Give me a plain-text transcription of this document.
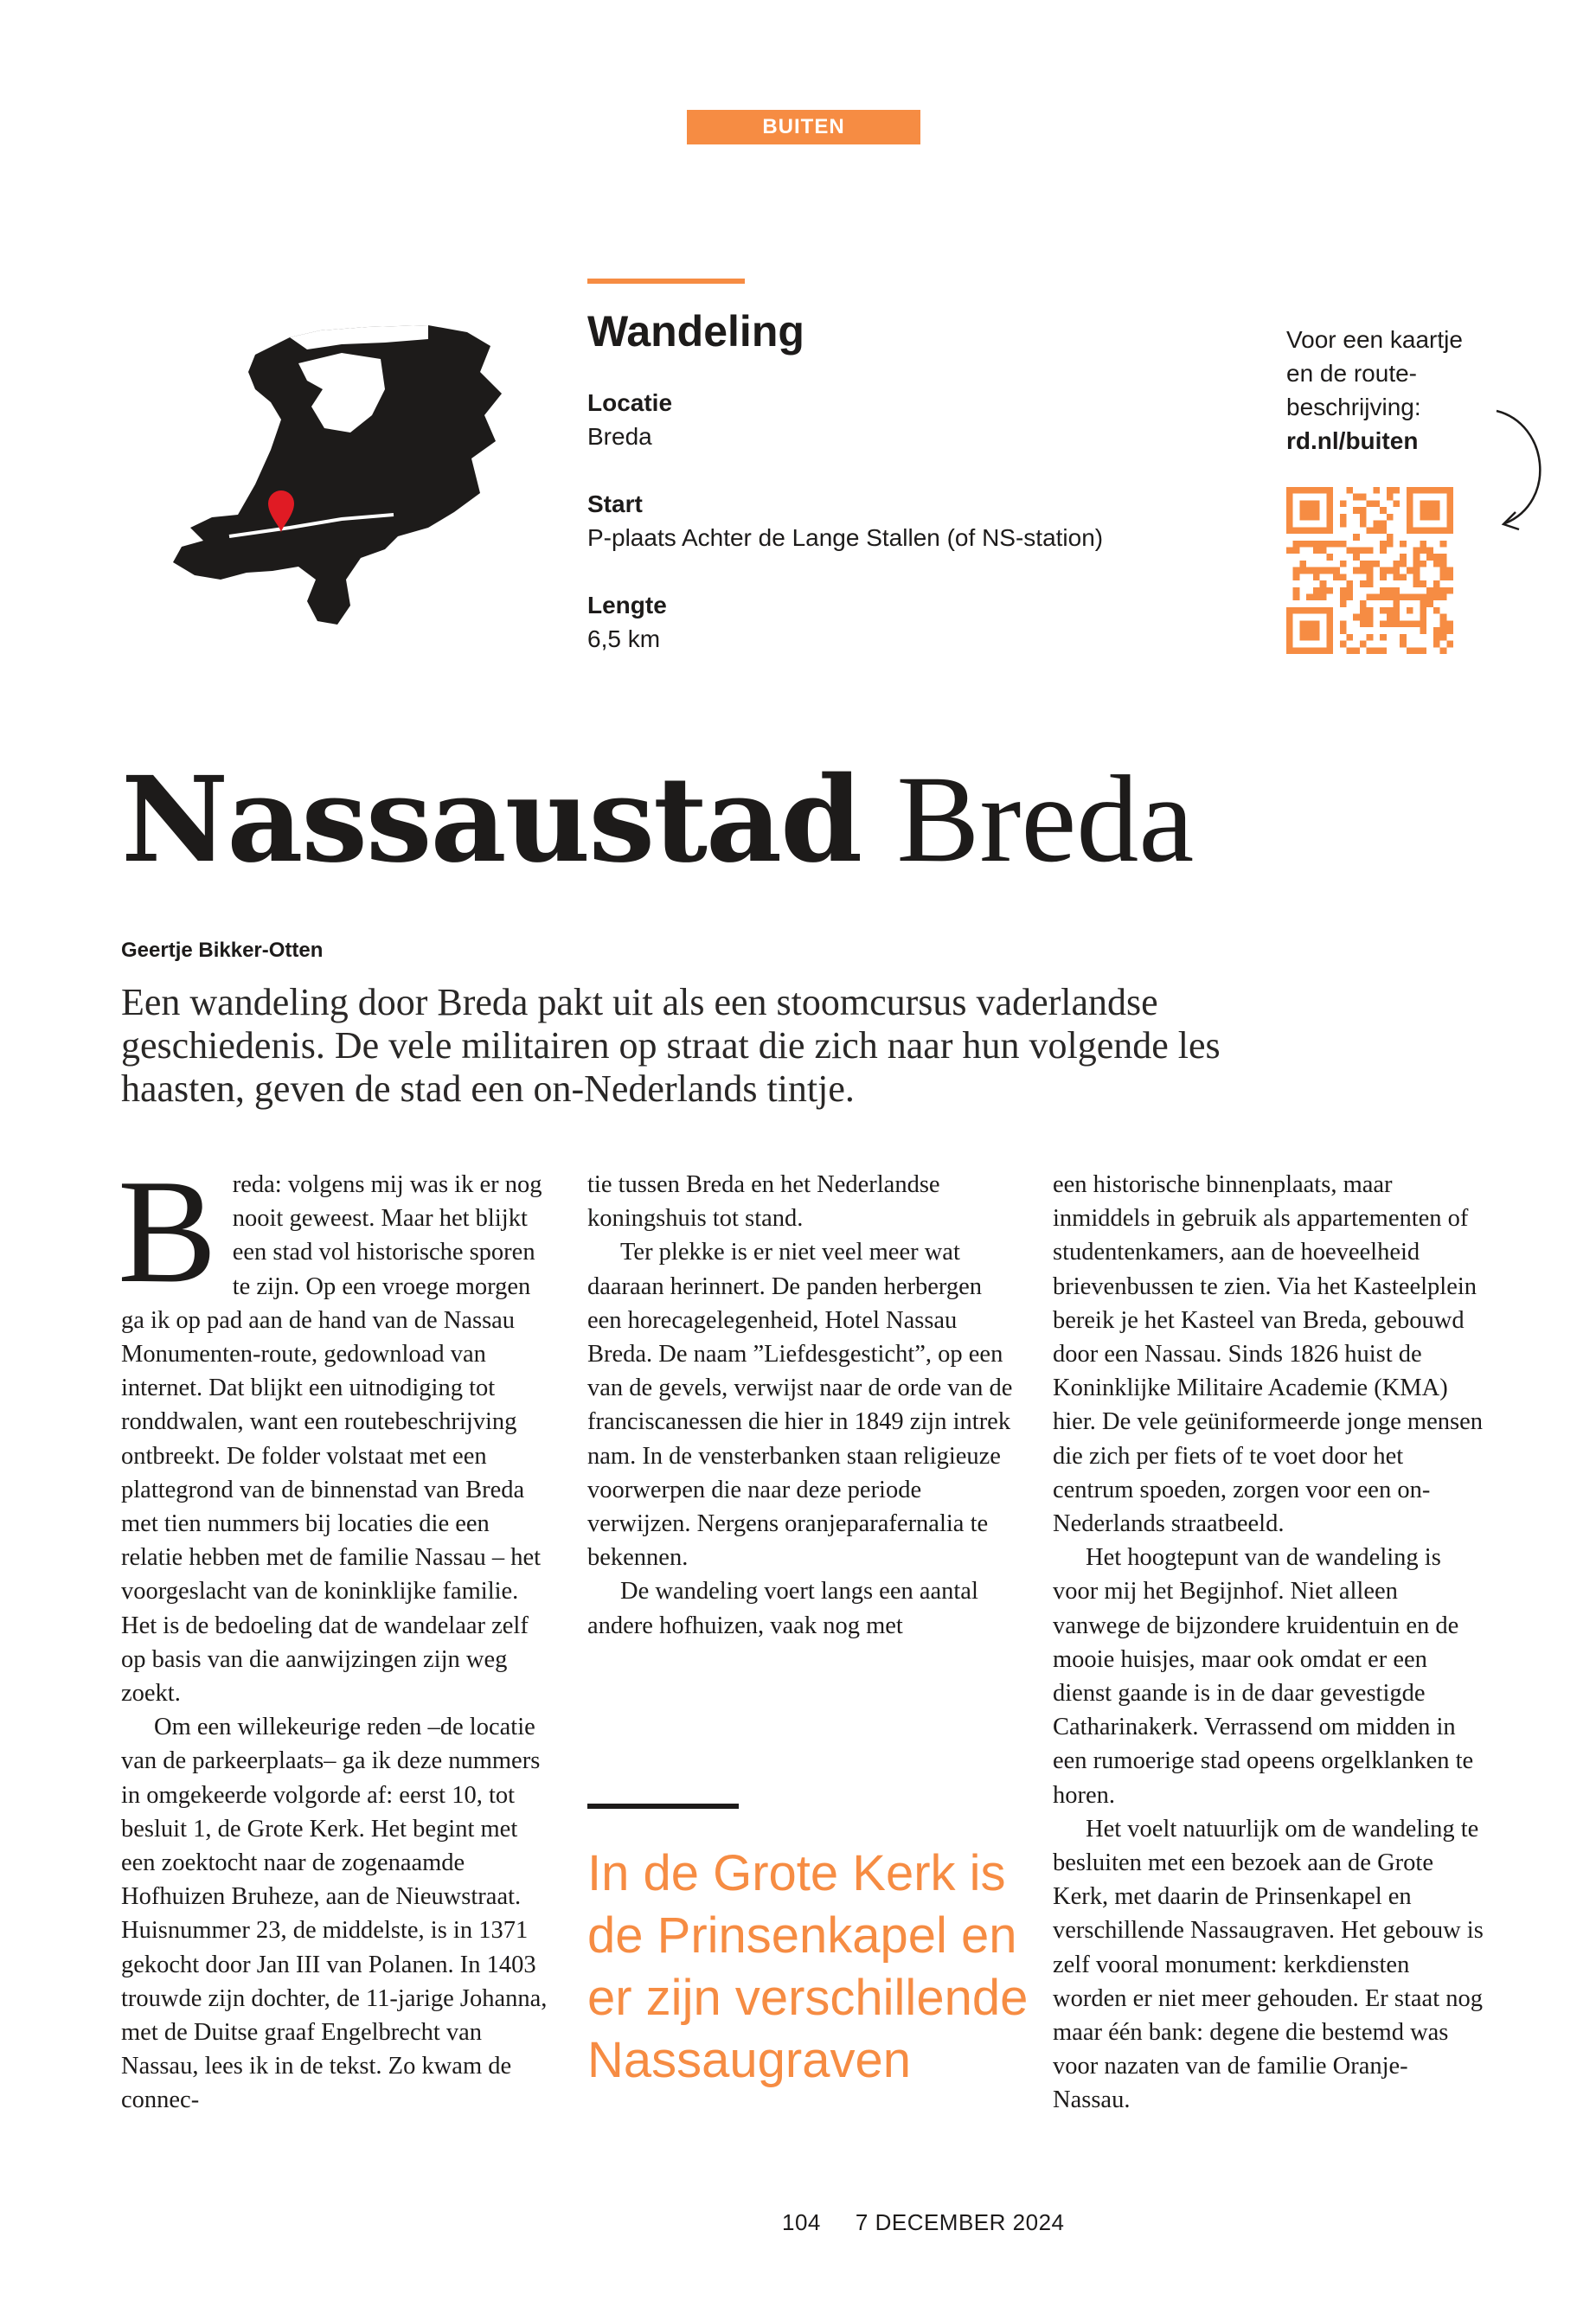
BUITEN
Wandeling
Locatie
Breda
Start
P-plaats Achter de Lange Stallen (of NS-station)
Lengte
6,5 km
Voor een kaartje
en de route-
beschrijving:
rd.nl/buiten
Nassaustad Breda
Geertje Bikker-Otten
Een wandeling door Breda pakt uit als een stoomcursus vaderlandse geschiedenis. De vele militairen op straat die zich naar hun volgende les haasten, geven de stad een on-Nederlands tintje.

Breda: volgens mij was ik er nog nooit geweest. Maar het blijkt een stad vol historische sporen te zijn. Op een vroege morgen ga ik op pad aan de hand van de Nassau Monumenten-route, gedownload van internet. Dat blijkt een uitnodiging tot ronddwalen, want een routebeschrijving ontbreekt. De folder volstaat met een plattegrond van de binnenstad van Breda met tien nummers bij locaties die een relatie hebben met de familie Nassau – het voorgeslacht van de koninklijke familie. Het is de bedoeling dat de wandelaar zelf op basis van die aanwijzingen zijn weg zoekt.

Om een willekeurige reden –de locatie van de parkeerplaats– ga ik deze nummers in omgekeerde volgorde af: eerst 10, tot besluit 1, de Grote Kerk. Het begint met een zoektocht naar de zogenaamde Hofhuizen Bruheze, aan de Nieuwstraat. Huisnummer 23, de middelste, is in 1371 gekocht door Jan III van Polanen. In 1403 trouwde zijn dochter, de 11-jarige Johanna, met de Duitse graaf Engelbrecht van Nassau, lees ik in de tekst. Zo kwam de connec-

tie tussen Breda en het Nederlandse koningshuis tot stand.

Ter plekke is er niet veel meer wat daaraan herinnert. De panden herbergen een horecagelegenheid, Hotel Nassau Breda. De naam ”Liefdesgesticht”, op een van de gevels, verwijst naar de orde van de franciscanessen die hier in 1849 zijn intrek nam. In de vensterbanken staan religieuze voorwerpen die naar deze periode verwijzen. Nergens oranjeparafernalia te bekennen.

De wandeling voert langs een aantal andere hofhuizen, vaak nog met

In de Grote Kerk is de Prinsenkapel en er zijn verschillende Nassaugraven

een historische binnenplaats, maar inmiddels in gebruik als appartementen of studentenkamers, aan de hoeveelheid brievenbussen te zien. Via het Kasteelplein bereik je het Kasteel van Breda, gebouwd door een Nassau. Sinds 1826 huist de Koninklijke Militaire Academie (KMA) hier. De vele geüniformeerde jonge mensen die zich per fiets of te voet door het centrum spoeden, zorgen voor een on-Nederlands straatbeeld.

Het hoogtepunt van de wandeling is voor mij het Begijnhof. Niet alleen vanwege de bijzondere kruidentuin en de mooie huisjes, maar ook omdat er een dienst gaande is in de daar gevestigde Catharinakerk. Verrassend om midden in een rumoerige stad opeens orgelklanken te horen.

Het voelt natuurlijk om de wandeling te besluiten met een bezoek aan de Grote Kerk, met daarin de Prinsenkapel en verschillende Nassaugraven. Het gebouw is zelf vooral monument: kerkdiensten worden er niet meer gehouden. Er staat nog maar één bank: degene die bestemd was voor nazaten van de familie Oranje-Nassau.

104 7 DECEMBER 2024
